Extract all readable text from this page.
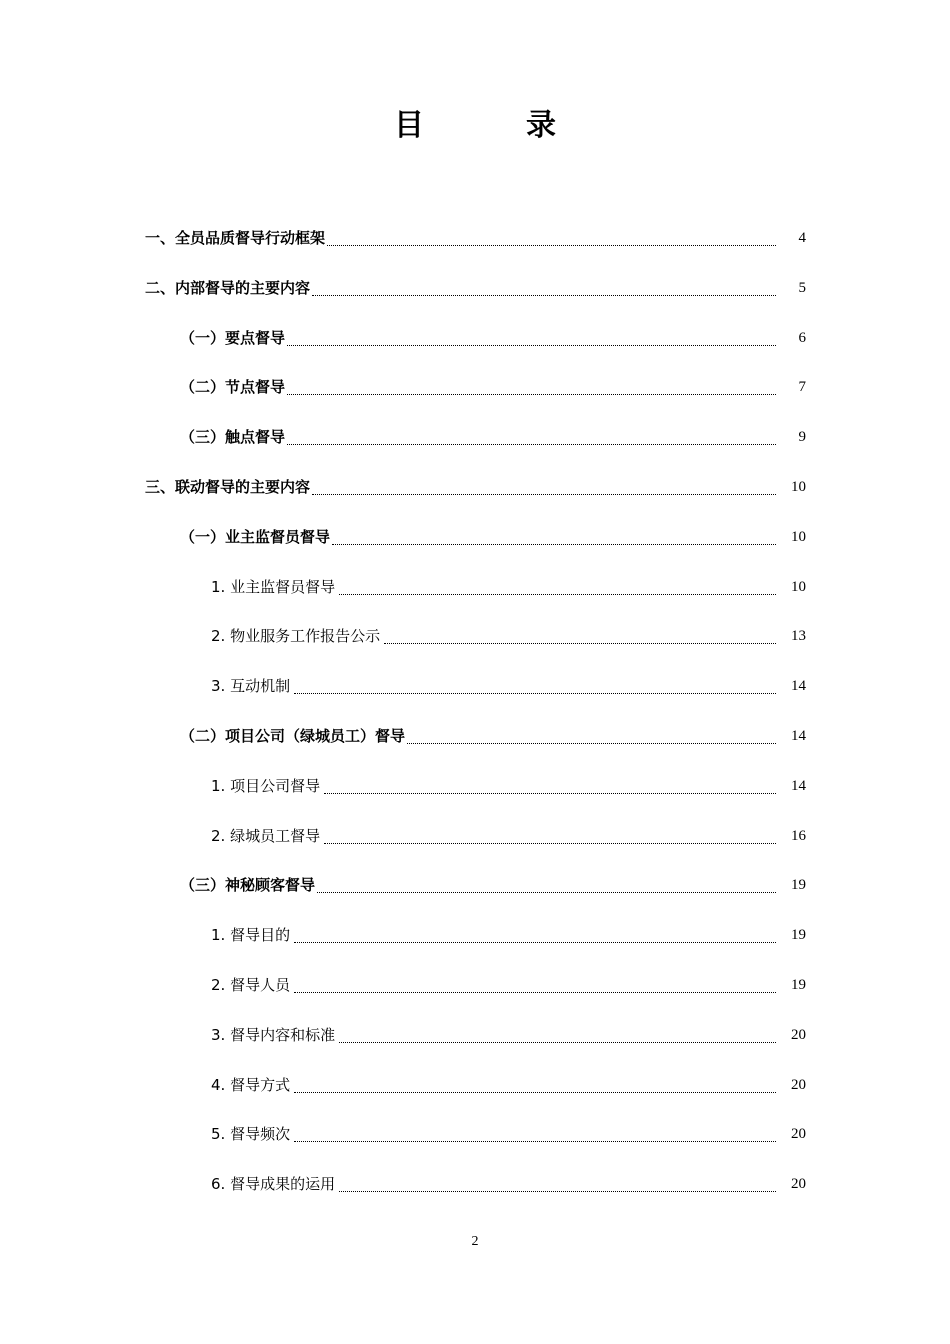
目　录
一、全员品质督导行动框架	4
二、内部督导的主要内容	5
（一）要点督导	6
（二）节点督导	7
（三）触点督导	9
三、联动督导的主要内容	10
（一）业主监督员督导	10
1. 业主监督员督导	10
2. 物业服务工作报告公示	13
3. 互动机制	14
（二）项目公司（绿城员工）督导	14
1. 项目公司督导	14
2. 绿城员工督导	16
（三）神秘顾客督导	19
1. 督导目的	19
2. 督导人员	19
3. 督导内容和标准	20
4. 督导方式	20
5. 督导频次	20
6. 督导成果的运用	20
2
